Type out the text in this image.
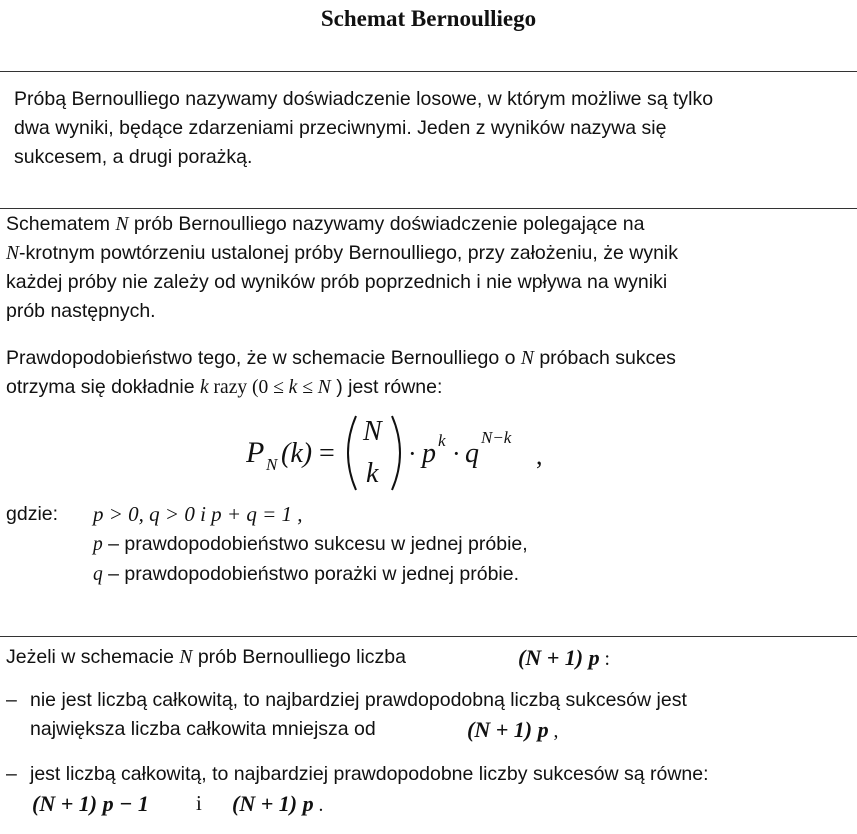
Schemat Bernoulliego
Próbą Bernoulliego nazywamy doświadczenie losowe, w którym możliwe są tylko
dwa wyniki, będące zdarzeniami przeciwnymi. Jeden z wyników nazywa się
sukcesem, a drugi porażką.
Schematem N prób Bernoulliego nazywamy doświadczenie polegające na
N-krotnym powtórzeniu ustalonej próby Bernoulliego, przy założeniu, że wynik
każdej próby nie zależy od wyników prób poprzednich i nie wpływa na wyniki
prób następnych.
Prawdopodobieństwo tego, że w schemacie Bernoulliego o N próbach sukces
otrzyma się dokładnie k razy (0 ≤ k ≤ N ) jest równe:
P N (k) =
N
k
· p k · q
N−k
,
gdzie: p > 0, q > 0 i p + q = 1 ,
p – prawdopodobieństwo sukcesu w jednej próbie,
q – prawdopodobieństwo porażki w jednej próbie.
Jeżeli w schemacie N prób Bernoulliego liczba	(N + 1) p :
– nie jest liczbą całkowitą, to najbardziej prawdopodobną liczbą sukcesów jest
największa liczba całkowita mniejsza od	(N + 1) p ,
– jest liczbą całkowitą, to najbardziej prawdopodobne liczby sukcesów są równe:
(N + 1) p − 1 i (N + 1) p .
